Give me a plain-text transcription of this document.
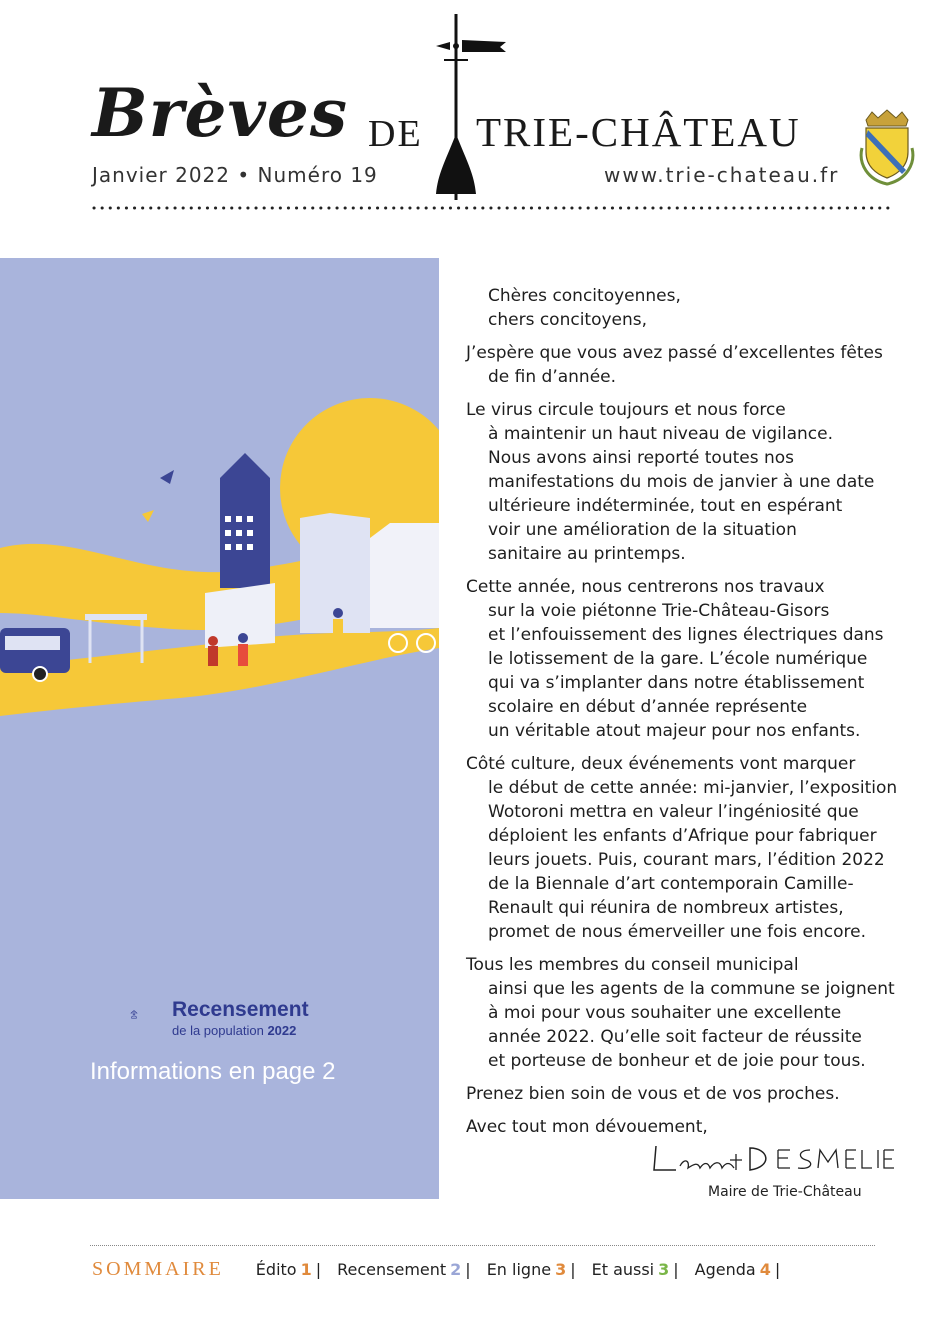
Brèves DE TRIE-CHÂTEAU
Janvier 2022 • Numéro 19	www.trie-chateau.fr
Recensement
de la population 2022
Informations en page 2

Chères concitoyennes,
chers concitoyens,

J’espère que vous avez passé d’excellentes fêtes
de fin d’année.

Le virus circule toujours et nous force
à maintenir un haut niveau de vigilance.
Nous avons ainsi reporté toutes nos
manifestations du mois de janvier à une date
ultérieure indéterminée, tout en espérant
voir une amélioration de la situation
sanitaire au printemps.

Cette année, nous centrerons nos travaux
sur la voie piétonne Trie-Château-Gisors
et l’enfouissement des lignes électriques dans
le lotissement de la gare. L’école numérique
qui va s’implanter dans notre établissement
scolaire en début d’année représente
un véritable atout majeur pour nos enfants.

Côté culture, deux événements vont marquer
le début de cette année: mi-janvier, l’exposition
Wotoroni mettra en valeur l’ingéniosité que
déploient les enfants d’Afrique pour fabriquer
leurs jouets. Puis, courant mars, l’édition 2022
de la Biennale d’art contemporain Camille-
Renault qui réunira de nombreux artistes,
promet de nous émerveiller une fois encore.

Tous les membres du conseil municipal
ainsi que les agents de la commune se joignent
à moi pour vous souhaiter une excellente
année 2022. Qu’elle soit facteur de réussite
et porteuse de bonheur et de joie pour tous.

Prenez bien soin de vous et de vos proches.

Avec tout mon dévouement,

Maire de Trie-Château
SOMMAIRE Édito 1 | Recensement 2 | En ligne 3 | Et aussi 3 | Agenda 4 |
